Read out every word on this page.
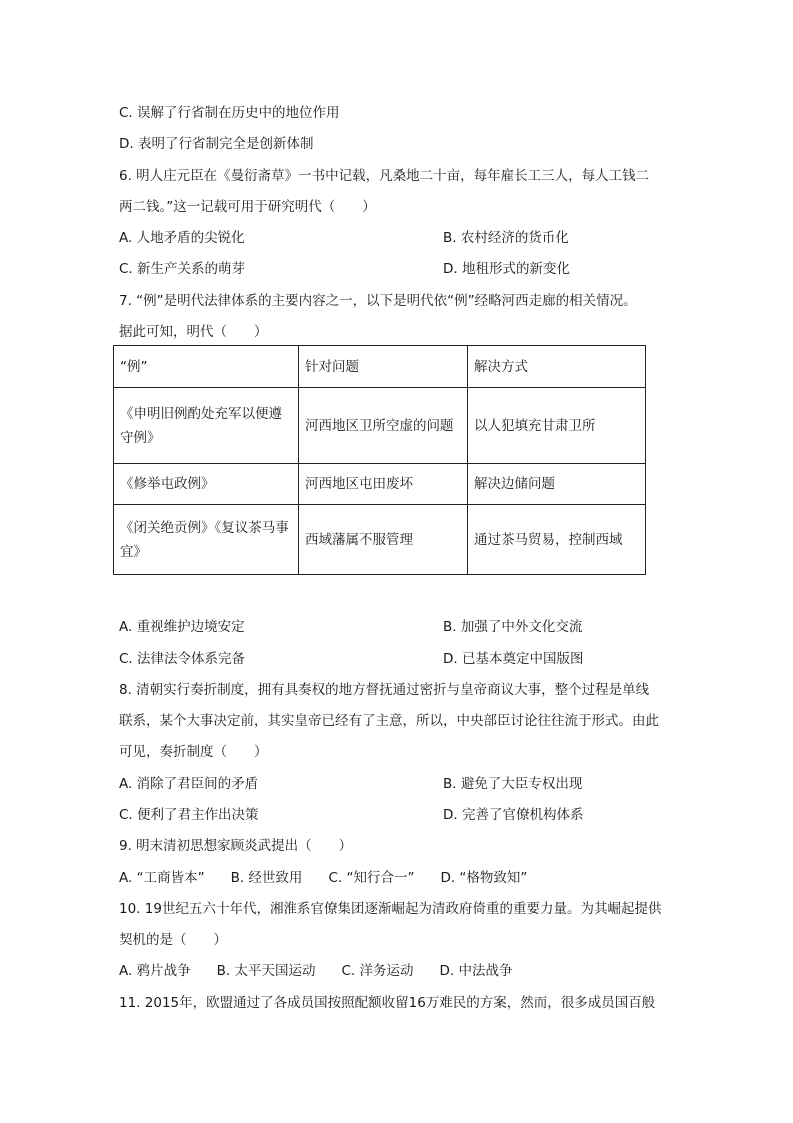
C. 误解了行省制在历史中的地位作用
D. 表明了行省制完全是创新体制
6. 明人庄元臣在《曼衍斋草》一书中记载，凡桑地二十亩，每年雇长工三人，每人工钱二
两二钱。”这一记载可用于研究明代（　　）
A. 人地矛盾的尖锐化	B. 农村经济的货币化
C. 新生产关系的萌芽	D. 地租形式的新变化
7. “例”是明代法律体系的主要内容之一，以下是明代依“例”经略河西走廊的相关情况。
据此可知，明代（　　）
“例”	针对问题	解决方式
《申明旧例酌处充军以便遵守例》	河西地区卫所空虚的问题	以人犯填充甘肃卫所
《修举屯政例》	河西地区屯田废坏	解决边储问题
《闭关绝贡例》《复议茶马事宜》	西域藩属不服管理	通过茶马贸易，控制西域
A. 重视维护边境安定	B. 加强了中外文化交流
C. 法律法令体系完备	D. 已基本奠定中国版图
8. 清朝实行奏折制度，拥有具奏权的地方督抚通过密折与皇帝商议大事，整个过程是单线
联系，某个大事决定前，其实皇帝已经有了主意，所以，中央部臣讨论往往流于形式。由此
可见，奏折制度（　　）
A. 消除了君臣间的矛盾	B. 避免了大臣专权出现
C. 便利了君主作出决策	D. 完善了官僚机构体系
9. 明末清初思想家顾炎武提出（　　）
A. “工商皆本” B. 经世致用 C. “知行合一” D. “格物致知”
10. 19世纪五六十年代，湘淮系官僚集团逐渐崛起为清政府倚重的重要力量。为其崛起提供
契机的是（　　）
A. 鸦片战争 B. 太平天国运动 C. 洋务运动 D. 中法战争
11. 2015年，欧盟通过了各成员国按照配额收留16万难民的方案，然而，很多成员国百般
